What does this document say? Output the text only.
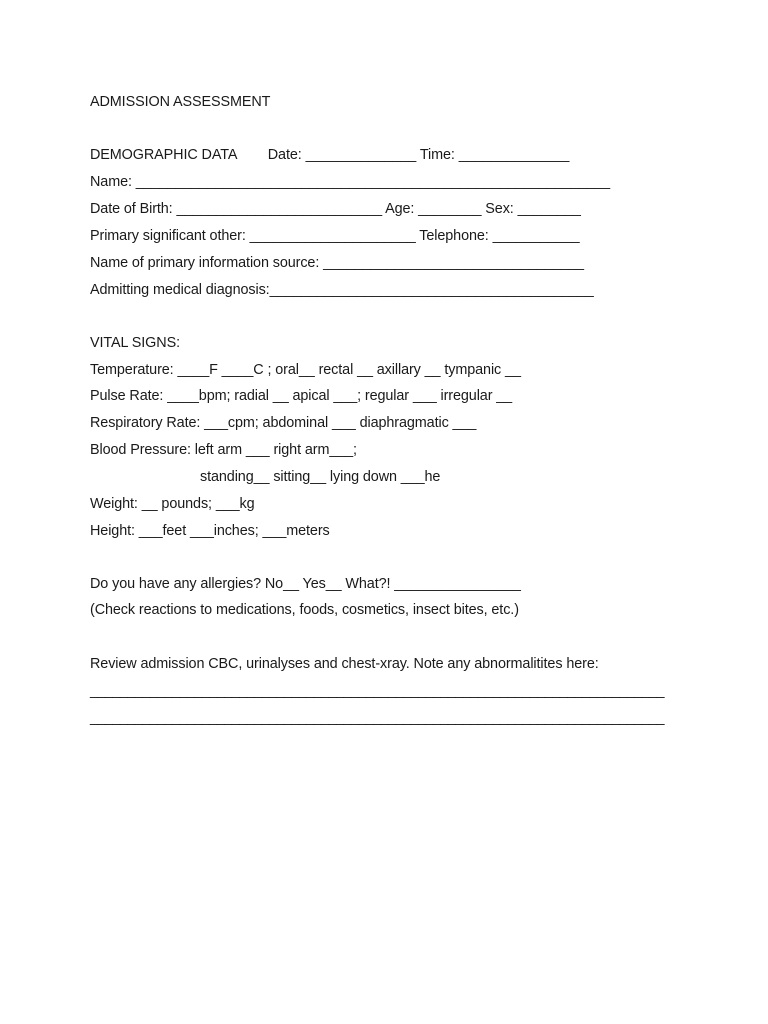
ADMISSION ASSESSMENT
DEMOGRAPHIC DATA        Date: ______________ Time: ______________
Name: ____________________________________________________________
Date of Birth: __________________________ Age: ________ Sex: ________
Primary significant other: _____________________ Telephone: ___________
Name of primary information source: _________________________________
Admitting medical diagnosis:_________________________________________
VITAL SIGNS:
Temperature: ____F ____C ; oral__ rectal __ axillary __ tympanic __
Pulse Rate: ____bpm; radial __ apical ___; regular ___ irregular __
Respiratory Rate: ___cpm; abdominal ___ diaphragmatic ___
Blood Pressure: left arm ___ right arm___;
standing__ sitting__ lying down ___he
Weight: __ pounds; ___kg
Height: ___feet ___inches; ___meters
Do you have any allergies? No__ Yes__ What?! ________________
(Check reactions to medications, foods, cosmetics, insect bites, etc.)
Review admission CBC, urinalyses and chest-xray. Note any abnormalitites here:
_____________________________________________________________________________
_____________________________________________________________________________
